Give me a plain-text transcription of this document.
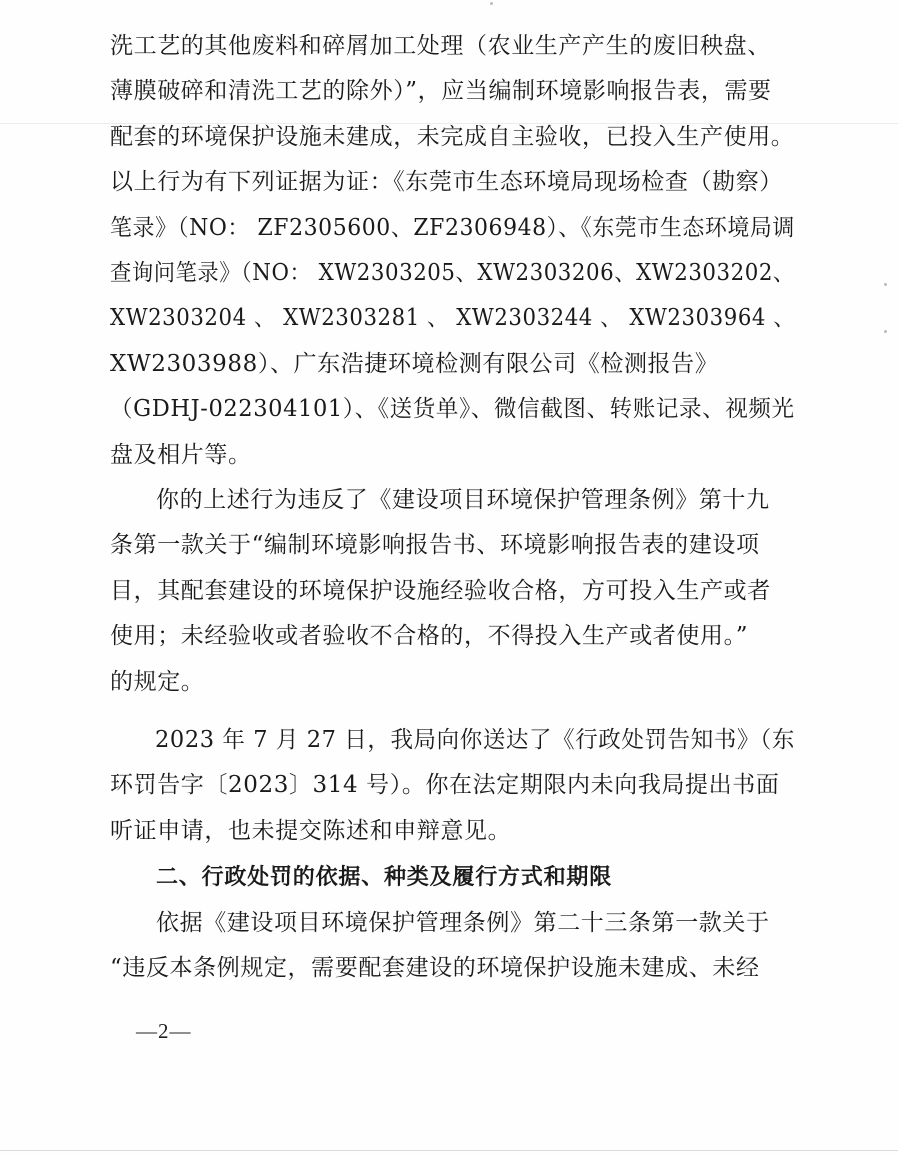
洗工艺的其他废料和碎屑加工处理（农业生产产生的废旧秧盘、
薄膜破碎和清洗工艺的除外）”，应当编制环境影响报告表，需要
配套的环境保护设施未建成，未完成自主验收，已投入生产使用。
以上行为有下列证据为证：《东莞市生态环境局现场检查（勘察）
笔录》（NO： ZF2305600、ZF2306948）、《东莞市生态环境局调
查询问笔录》（NO： XW2303205、XW2303206、XW2303202、
XW2303204 、 XW2303281 、 XW2303244 、 XW2303964 、
XW2303988）、广东浩捷环境检测有限公司《检测报告》
（GDHJ-022304101）、《送货单》、微信截图、转账记录、视频光
盘及相片等。
你的上述行为违反了《建设项目环境保护管理条例》第十九
条第一款关于“编制环境影响报告书、环境影响报告表的建设项
目，其配套建设的环境保护设施经验收合格，方可投入生产或者
使用；未经验收或者验收不合格的，不得投入生产或者使用。”
的规定。
2023 年 7 月 27 日，我局向你送达了《行政处罚告知书》（东
环罚告字〔2023〕314 号）。你在法定期限内未向我局提出书面
听证申请，也未提交陈述和申辩意见。
二、行政处罚的依据、种类及履行方式和期限
依据《建设项目环境保护管理条例》第二十三条第一款关于
“违反本条例规定，需要配套建设的环境保护设施未建成、未经
—2—
